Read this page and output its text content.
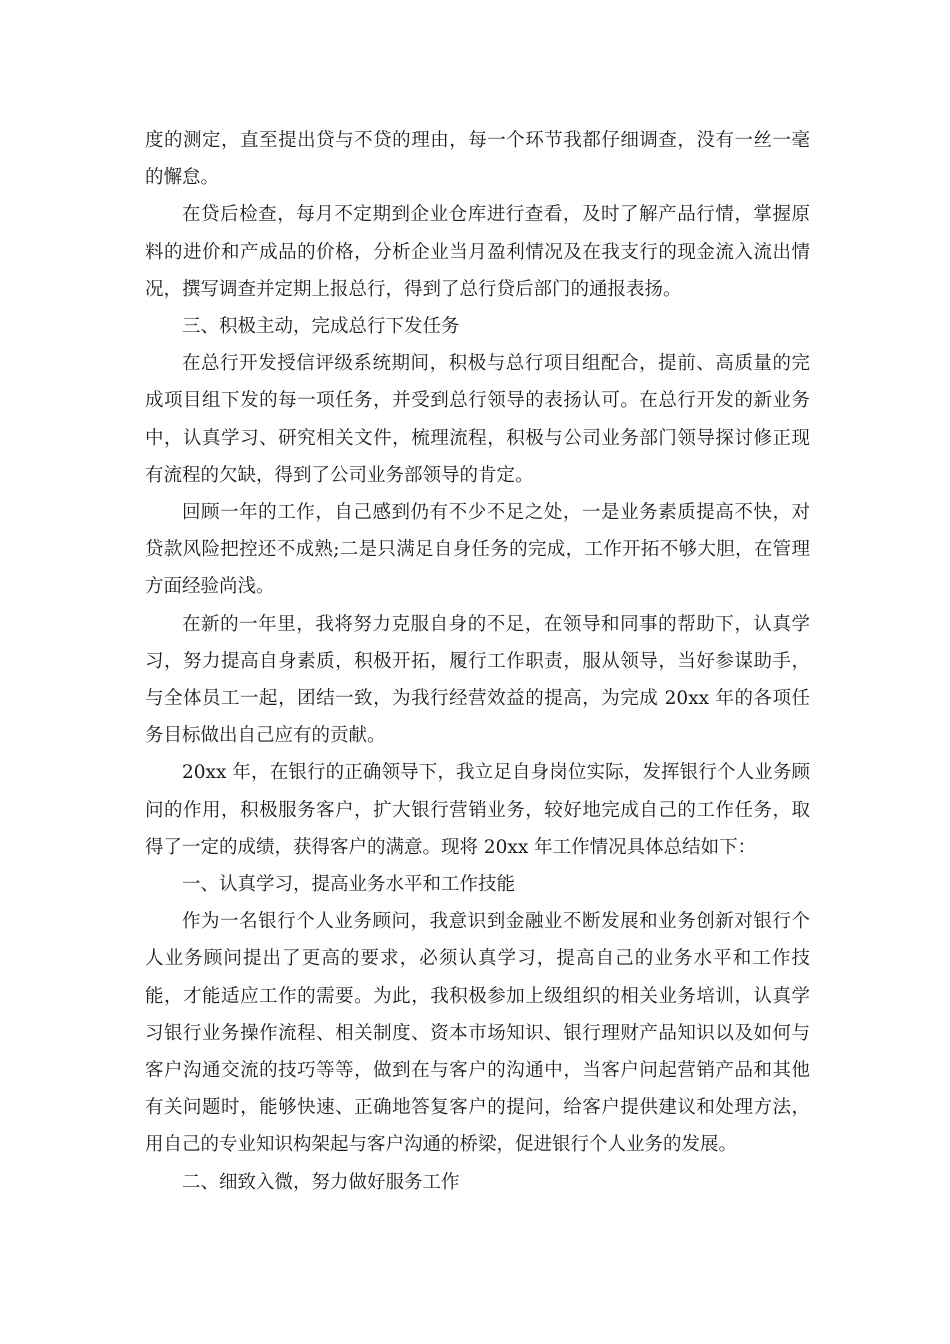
度的测定，直至提出贷与不贷的理由，每一个环节我都仔细调查，没有一丝一毫的懈怠。

在贷后检查，每月不定期到企业仓库进行查看，及时了解产品行情，掌握原料的进价和产成品的价格，分析企业当月盈利情况及在我支行的现金流入流出情况，撰写调查并定期上报总行，得到了总行贷后部门的通报表扬。

三、积极主动，完成总行下发任务

在总行开发授信评级系统期间，积极与总行项目组配合，提前、高质量的完成项目组下发的每一项任务，并受到总行领导的表扬认可。在总行开发的新业务中，认真学习、研究相关文件，梳理流程，积极与公司业务部门领导探讨修正现有流程的欠缺，得到了公司业务部领导的肯定。

回顾一年的工作，自己感到仍有不少不足之处，一是业务素质提高不快，对贷款风险把控还不成熟;二是只满足自身任务的完成，工作开拓不够大胆，在管理方面经验尚浅。

在新的一年里，我将努力克服自身的不足，在领导和同事的帮助下，认真学习，努力提高自身素质，积极开拓，履行工作职责，服从领导，当好参谋助手，与全体员工一起，团结一致，为我行经营效益的提高，为完成 20xx 年的各项任务目标做出自己应有的贡献。

20xx 年，在银行的正确领导下，我立足自身岗位实际，发挥银行个人业务顾问的作用，积极服务客户，扩大银行营销业务，较好地完成自己的工作任务，取得了一定的成绩，获得客户的满意。现将 20xx 年工作情况具体总结如下：

一、认真学习，提高业务水平和工作技能

作为一名银行个人业务顾问，我意识到金融业不断发展和业务创新对银行个人业务顾问提出了更高的要求，必须认真学习，提高自己的业务水平和工作技能，才能适应工作的需要。为此，我积极参加上级组织的相关业务培训，认真学习银行业务操作流程、相关制度、资本市场知识、银行理财产品知识以及如何与客户沟通交流的技巧等等，做到在与客户的沟通中，当客户问起营销产品和其他有关问题时，能够快速、正确地答复客户的提问，给客户提供建议和处理方法，用自己的专业知识构架起与客户沟通的桥梁，促进银行个人业务的发展。

二、细致入微，努力做好服务工作
